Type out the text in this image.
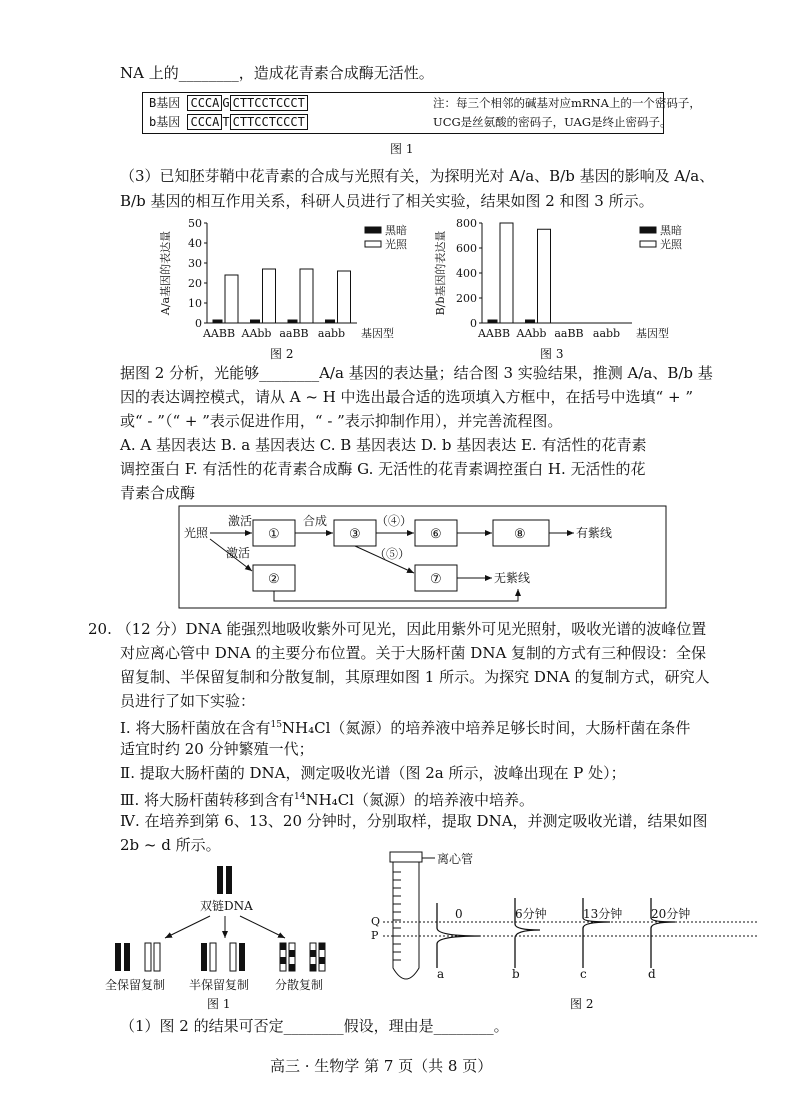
NA 上的________，造成花青素合成酶无活性。
B基因 CCCA G CTTCCTCCCT
b基因 CCCA T CTTCCTCCCT
注：每三个相邻的碱基对应mRNA上的一个密码子，
UCG是丝氨酸的密码子，UAG是终止密码子。
图 1
（3）已知胚芽鞘中花青素的合成与光照有关，为探明光对 A/a、B/b 基因的影响及 A/a、
B/b 基因的相互作用关系，科研人员进行了相关实验，结果如图 2 和图 3 所示。
A/a基因的表达量
0
10
20
30
40
50
AABB AAbb aaBB aabb 基因型
黑暗
光照
图 2
B/b基因的表达量
0
200
400
600
800
AABB AAbb aaBB aabb 基因型
黑暗
光照
图 3
据图 2 分析，光能够________A/a 基因的表达量；结合图 3 实验结果，推测 A/a、B/b 基
因的表达调控模式，请从 A ~ H 中选出最合适的选项填入方框中，在括号中选填“ + ”
或“ - ”（“ + ”表示促进作用，“ - ”表示抑制作用），并完善流程图。
A. A 基因表达 B. a 基因表达 C. B 基因表达 D. b 基因表达 E. 有活性的花青素
调控蛋白 F. 有活性的花青素合成酶 G. 无活性的花青素调控蛋白 H. 无活性的花
青素合成酶
光照
激活
①
合成
③
（④）
⑥	⑧	有紫线
激活
②
（⑤）
⑦	无紫线
20. （12 分）DNA 能强烈地吸收紫外可见光，因此用紫外可见光照射，吸收光谱的波峰位置
对应离心管中 DNA 的主要分布位置。关于大肠杆菌 DNA 复制的方式有三种假设：全保
留复制、半保留复制和分散复制，其原理如图 1 所示。为探究 DNA 的复制方式，研究人
员进行了如下实验：
Ⅰ. 将大肠杆菌放在含有$^{15}$NH₄Cl（氮源）的培养液中培养足够长时间，大肠杆菌在条件
适宜时约 20 分钟繁殖一代；
Ⅱ. 提取大肠杆菌的 DNA，测定吸收光谱（图 2a 所示，波峰出现在 P 处）；
Ⅲ. 将大肠杆菌转移到含有$^{14}$NH₄Cl（氮源）的培养液中培养。
Ⅳ. 在培养到第 6、13、20 分钟时，分别取样，提取 DNA，并测定吸收光谱，结果如图
2b ~ d 所示。
双链DNA
全保留复制 半保留复制 分散复制
图 1
离心管
Q
P
0	6分钟	13分钟 20分钟
a	b	c	d
图 2
（1）图 2 的结果可否定________假设，理由是________。
高三 · 生物学 第 7 页（共 8 页）
